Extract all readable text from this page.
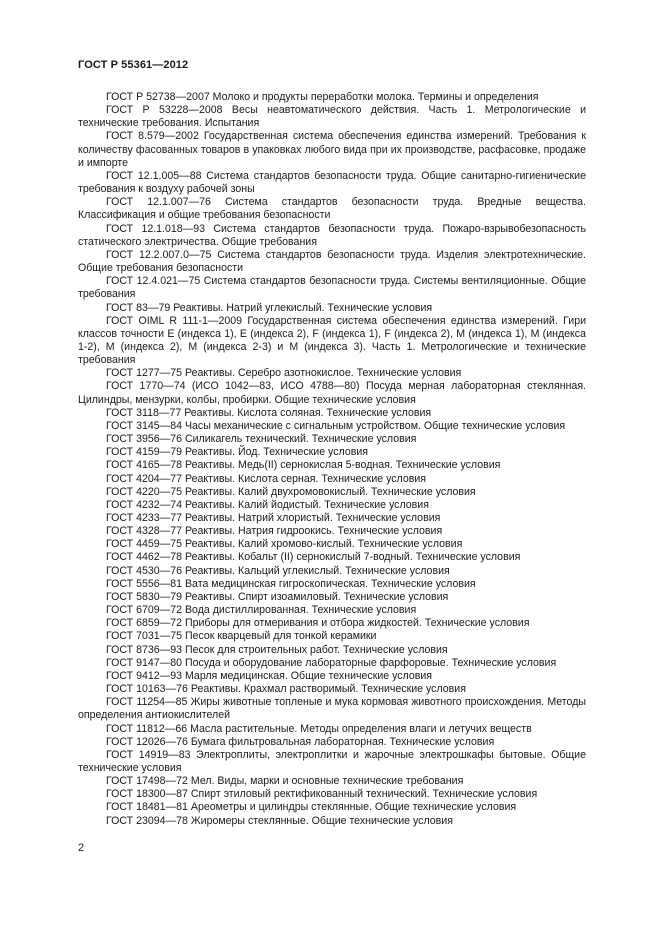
ГОСТ Р 55361—2012

ГОСТ Р 52738—2007 Молоко и продукты переработки молока. Термины и определения

ГОСТ Р 53228—2008 Весы неавтоматического действия. Часть 1. Метрологические и технические требования. Испытания

ГОСТ 8.579—2002 Государственная система обеспечения единства измерений. Требования к количеству фасованных товаров в упаковках любого вида при их производстве, расфасовке, продаже и импорте

ГОСТ 12.1.005—88 Система стандартов безопасности труда. Общие санитарно-гигиенические требования к воздуху рабочей зоны

ГОСТ 12.1.007—76 Система стандартов безопасности труда. Вредные вещества. Классификация и общие требования безопасности

ГОСТ 12.1.018—93 Система стандартов безопасности труда. Пожаро-взрывобезопасность статического электричества. Общие требования

ГОСТ 12.2.007.0—75 Система стандартов безопасности труда. Изделия электротехнические. Общие требования безопасности

ГОСТ 12.4.021—75 Система стандартов безопасности труда. Системы вентиляционные. Общие требования

ГОСТ 83—79 Реактивы. Натрий углекислый. Технические условия

ГОСТ OIML R 111-1—2009 Государственная система обеспечения единства измерений. Гири классов точности E (индекса 1), E (индекса 2), F (индекса 1), F (индекса 2), M (индекса 1), M (индекса 1-2), M (индекса 2), M (индекса 2-3) и M (индекса 3). Часть 1. Метрологические и технические требования

ГОСТ 1277—75 Реактивы. Серебро азотнокислое. Технические условия

ГОСТ 1770—74 (ИСО 1042—83, ИСО 4788—80) Посуда мерная лабораторная стеклянная. Цилиндры, мензурки, колбы, пробирки. Общие технические условия

ГОСТ 3118—77 Реактивы. Кислота соляная. Технические условия

ГОСТ 3145—84 Часы механические с сигнальным устройством. Общие технические условия

ГОСТ 3956—76 Силикагель технический. Технические условия

ГОСТ 4159—79 Реактивы. Йод. Технические условия

ГОСТ 4165—78 Реактивы. Медь(II) сернокислая 5-водная. Технические условия

ГОСТ 4204—77 Реактивы. Кислота серная. Технические условия

ГОСТ 4220—75 Реактивы. Калий двухромовокислый. Технические условия

ГОСТ 4232—74 Реактивы. Калий йодистый. Технические условия

ГОСТ 4233—77 Реактивы. Натрий хлористый. Технические условия

ГОСТ 4328—77 Реактивы. Натрия гидроокись. Технические условия

ГОСТ 4459—75 Реактивы. Калий хромово-кислый. Технические условия

ГОСТ 4462—78 Реактивы. Кобальт (II) сернокислый 7-водный. Технические условия

ГОСТ 4530—76 Реактивы. Кальций углекислый. Технические условия

ГОСТ 5556—81 Вата медицинская гигроскопическая. Технические условия

ГОСТ 5830—79 Реактивы. Спирт изоамиловый. Технические условия

ГОСТ 6709—72 Вода дистиллированная. Технические условия

ГОСТ 6859—72 Приборы для отмеривания и отбора жидкостей. Технические условия

ГОСТ 7031—75 Песок кварцевый для тонкой керамики

ГОСТ 8736—93 Песок для строительных работ. Технические условия

ГОСТ 9147—80 Посуда и оборудование лабораторные фарфоровые. Технические условия

ГОСТ 9412—93 Марля медицинская. Общие технические условия

ГОСТ 10163—76 Реактивы. Крахмал растворимый. Технические условия

ГОСТ 11254—85 Жиры животные топленые и мука кормовая животного происхождения. Методы определения антиокислителей

ГОСТ 11812—66 Масла растительные. Методы определения влаги и летучих веществ

ГОСТ 12026—76 Бумага фильтровальная лабораторная. Технические условия

ГОСТ 14919—83 Электроплиты, электроплитки и жарочные электрошкафы бытовые. Общие технические условия

ГОСТ 17498—72 Мел. Виды, марки и основные технические требования

ГОСТ 18300—87 Спирт этиловый ректификованный технический. Технические условия

ГОСТ 18481—81 Ареометры и цилиндры стеклянные. Общие технические условия

ГОСТ 23094—78 Жиромеры стеклянные. Общие технические условия

2
